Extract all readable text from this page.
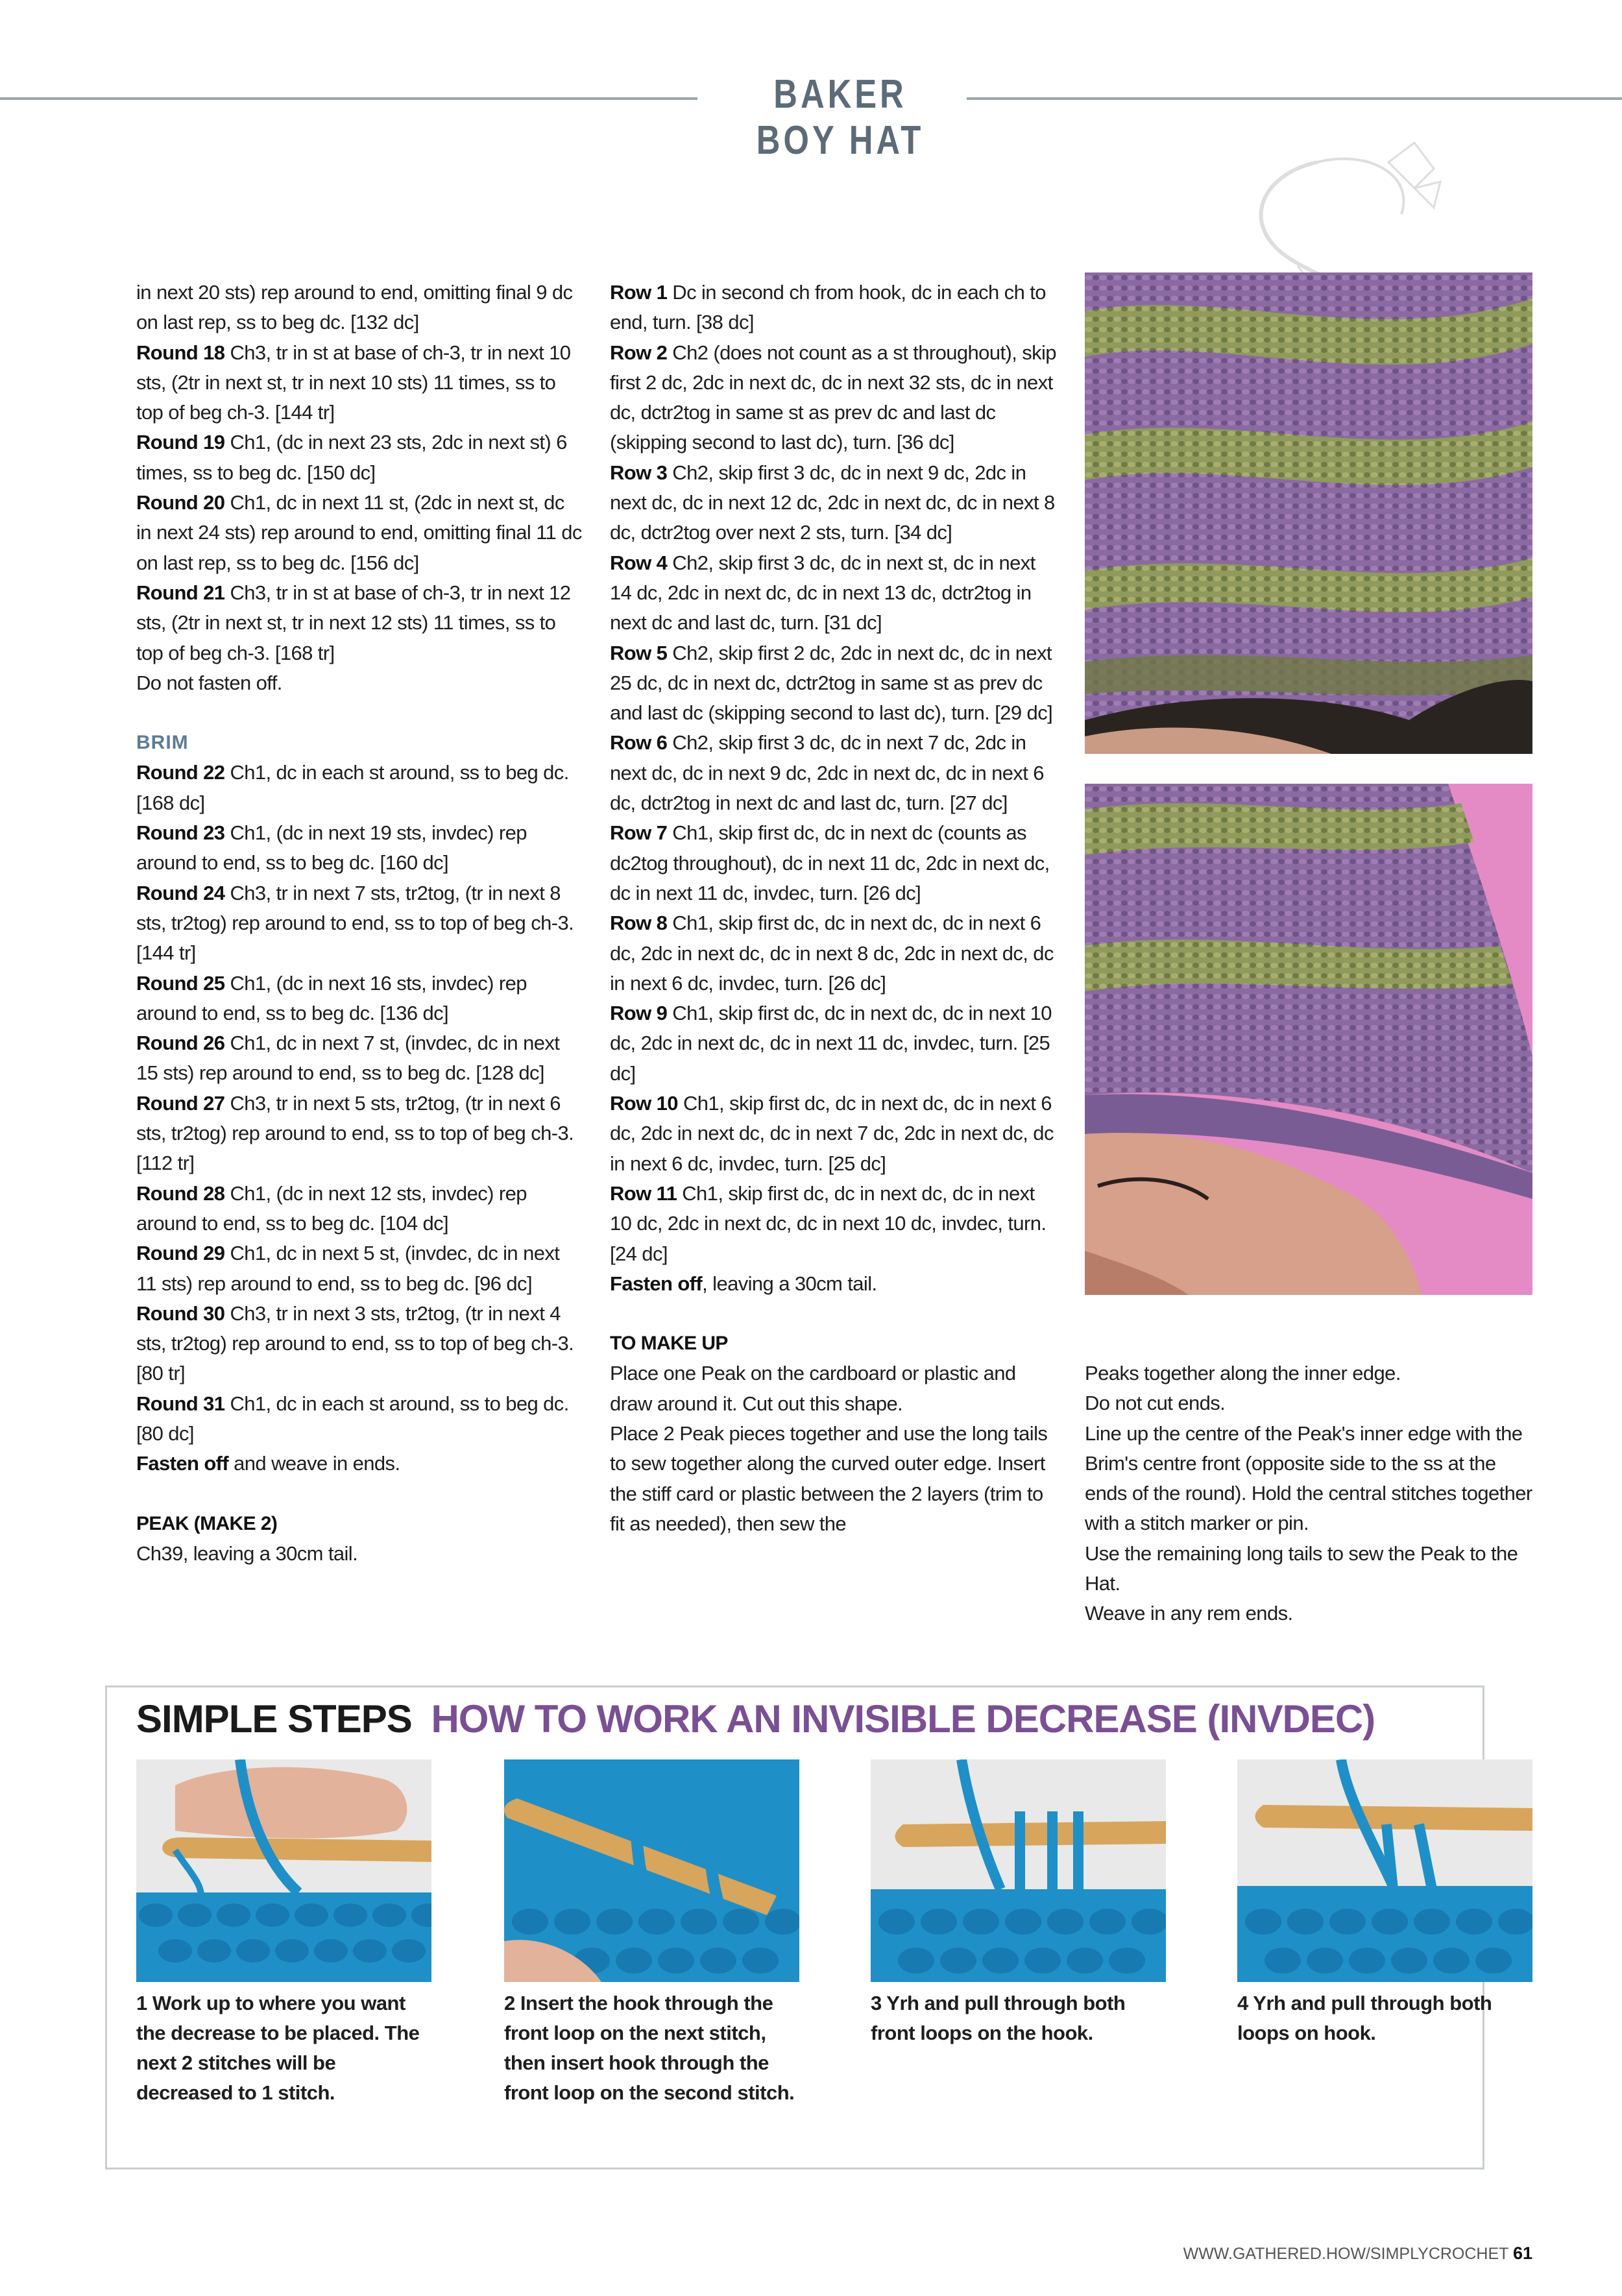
BAKER BOY HAT

in next 20 sts) rep around to end, omitting final 9 dc on last rep, ss to beg dc. [132 dc]

Round 18 Ch3, tr in st at base of ch-3, tr in next 10 sts, (2tr in next st, tr in next 10 sts) 11 times, ss to top of beg ch-3. [144 tr]

Round 19 Ch1, (dc in next 23 sts, 2dc in next st) 6 times, ss to beg dc. [150 dc]

Round 20 Ch1, dc in next 11 st, (2dc in next st, dc in next 24 sts) rep around to end, omitting final 11 dc on last rep, ss to beg dc. [156 dc]

Round 21 Ch3, tr in st at base of ch-3, tr in next 12 sts, (2tr in next st, tr in next 12 sts) 11 times, ss to top of beg ch-3. [168 tr]

Do not fasten off.

BRIM

Round 22 Ch1, dc in each st around, ss to beg dc. [168 dc]

Round 23 Ch1, (dc in next 19 sts, invdec) rep around to end, ss to beg dc. [160 dc]

Round 24 Ch3, tr in next 7 sts, tr2tog, (tr in next 8 sts, tr2tog) rep around to end, ss to top of beg ch-3. [144 tr]

Round 25 Ch1, (dc in next 16 sts, invdec) rep around to end, ss to beg dc. [136 dc]

Round 26 Ch1, dc in next 7 st, (invdec, dc in next 15 sts) rep around to end, ss to beg dc. [128 dc]

Round 27 Ch3, tr in next 5 sts, tr2tog, (tr in next 6 sts, tr2tog) rep around to end, ss to top of beg ch-3. [112 tr]

Round 28 Ch1, (dc in next 12 sts, invdec) rep around to end, ss to beg dc. [104 dc]

Round 29 Ch1, dc in next 5 st, (invdec, dc in next 11 sts) rep around to end, ss to beg dc. [96 dc]

Round 30 Ch3, tr in next 3 sts, tr2tog, (tr in next 4 sts, tr2tog) rep around to end, ss to top of beg ch-3. [80 tr]

Round 31 Ch1, dc in each st around, ss to beg dc. [80 dc]

Fasten off and weave in ends.

PEAK (MAKE 2)

Ch39, leaving a 30cm tail.

Row 1 Dc in second ch from hook, dc in each ch to end, turn. [38 dc]

Row 2 Ch2 (does not count as a st throughout), skip first 2 dc, 2dc in next dc, dc in next 32 sts, dc in next dc, dctr2tog in same st as prev dc and last dc (skipping second to last dc), turn. [36 dc]

Row 3 Ch2, skip first 3 dc, dc in next 9 dc, 2dc in next dc, dc in next 12 dc, 2dc in next dc, dc in next 8 dc, dctr2tog over next 2 sts, turn. [34 dc]

Row 4 Ch2, skip first 3 dc, dc in next st, dc in next 14 dc, 2dc in next dc, dc in next 13 dc, dctr2tog in next dc and last dc, turn. [31 dc]

Row 5 Ch2, skip first 2 dc, 2dc in next dc, dc in next 25 dc, dc in next dc, dctr2tog in same st as prev dc and last dc (skipping second to last dc), turn. [29 dc]

Row 6 Ch2, skip first 3 dc, dc in next 7 dc, 2dc in next dc, dc in next 9 dc, 2dc in next dc, dc in next 6 dc, dctr2tog in next dc and last dc, turn. [27 dc]

Row 7 Ch1, skip first dc, dc in next dc (counts as dc2tog throughout), dc in next 11 dc, 2dc in next dc, dc in next 11 dc, invdec, turn. [26 dc]

Row 8 Ch1, skip first dc, dc in next dc, dc in next 6 dc, 2dc in next dc, dc in next 8 dc, 2dc in next dc, dc in next 6 dc, invdec, turn. [26 dc]

Row 9 Ch1, skip first dc, dc in next dc, dc in next 10 dc, 2dc in next dc, dc in next 11 dc, invdec, turn. [25 dc]

Row 10 Ch1, skip first dc, dc in next dc, dc in next 6 dc, 2dc in next dc, dc in next 7 dc, 2dc in next dc, dc in next 6 dc, invdec, turn. [25 dc]

Row 11 Ch1, skip first dc, dc in next dc, dc in next 10 dc, 2dc in next dc, dc in next 10 dc, invdec, turn. [24 dc]

Fasten off, leaving a 30cm tail.

TO MAKE UP

Place one Peak on the cardboard or plastic and draw around it. Cut out this shape.

Place 2 Peak pieces together and use the long tails to sew together along the curved outer edge. Insert the stiff card or plastic between the 2 layers (trim to fit as needed), then sew the

Peaks together along the inner edge.

Do not cut ends.

Line up the centre of the Peak's inner edge with the Brim's centre front (opposite side to the ss at the ends of the round). Hold the central stitches together with a stitch marker or pin.

Use the remaining long tails to sew the Peak to the Hat.

Weave in any rem ends.

SIMPLE STEPS HOW TO WORK AN INVISIBLE DECREASE (INVDEC)
1 Work up to where you want the decrease to be placed. The next 2 stitches will be decreased to 1 stitch.
2 Insert the hook through the front loop on the next stitch, then insert hook through the front loop on the second stitch.
3 Yrh and pull through both front loops on the hook.
4 Yrh and pull through both loops on hook.
WWW.GATHERED.HOW/SIMPLYCROCHET 61
